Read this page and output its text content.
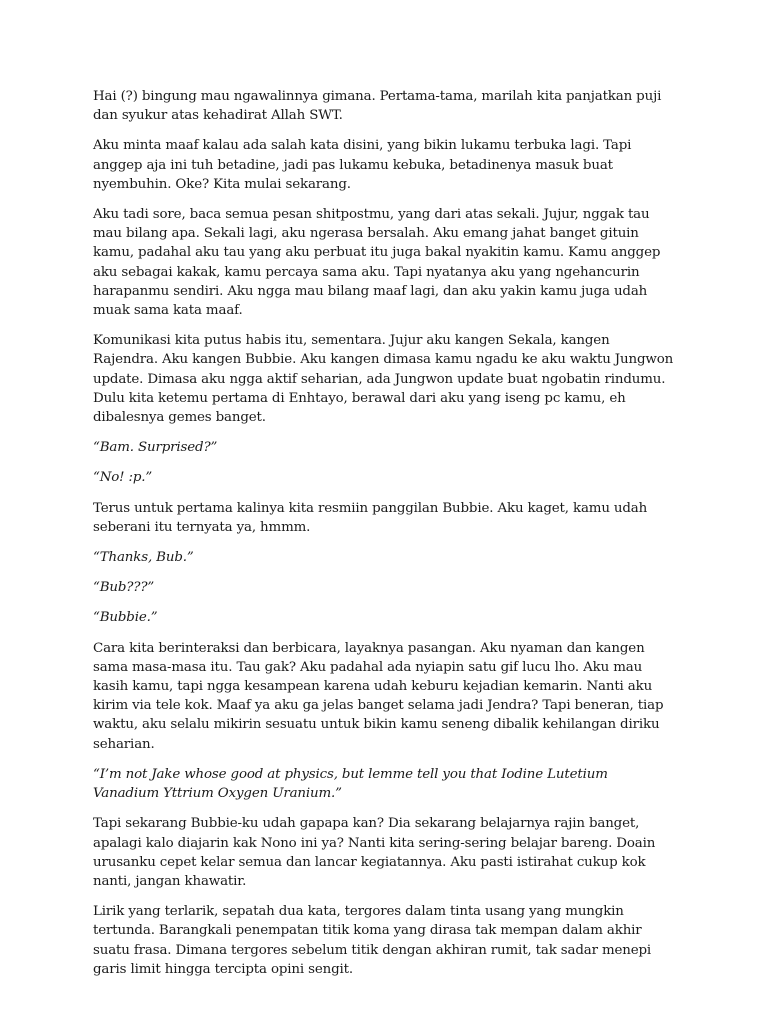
Hai (?) bingung mau ngawalinnya gimana. Pertama-tama, marilah kita panjatkan puji dan syukur atas kehadirat Allah SWT.

Aku minta maaf kalau ada salah kata disini, yang bikin lukamu terbuka lagi. Tapi anggep aja ini tuh betadine, jadi pas lukamu kebuka, betadinenya masuk buat nyembuhin. Oke? Kita mulai sekarang.

Aku tadi sore, baca semua pesan shitpostmu, yang dari atas sekali. Jujur, nggak tau mau bilang apa. Sekali lagi, aku ngerasa bersalah. Aku emang jahat banget gituin kamu, padahal aku tau yang aku perbuat itu juga bakal nyakitin kamu. Kamu anggep aku sebagai kakak, kamu percaya sama aku. Tapi nyatanya aku yang ngehancurin harapanmu sendiri. Aku ngga mau bilang maaf lagi, dan aku yakin kamu juga udah muak sama kata maaf.

Komunikasi kita putus habis itu, sementara. Jujur aku kangen Sekala, kangen Rajendra. Aku kangen Bubbie. Aku kangen dimasa kamu ngadu ke aku waktu Jungwon update. Dimasa aku ngga aktif seharian, ada Jungwon update buat ngobatin rindumu. Dulu kita ketemu pertama di Enhtayo, berawal dari aku yang iseng pc kamu, eh dibalesnya gemes banget.

“Bam. Surprised?”

“No! :p.”

Terus untuk pertama kalinya kita resmiin panggilan Bubbie. Aku kaget, kamu udah seberani itu ternyata ya, hmmm.

“Thanks, Bub.”

“Bub???”

“Bubbie.”

Cara kita berinteraksi dan berbicara, layaknya pasangan. Aku nyaman dan kangen sama masa-masa itu. Tau gak? Aku padahal ada nyiapin satu gif lucu lho. Aku mau kasih kamu, tapi ngga kesampean karena udah keburu kejadian kemarin. Nanti aku kirim via tele kok. Maaf ya aku ga jelas banget selama jadi Jendra? Tapi beneran, tiap waktu, aku selalu mikirin sesuatu untuk bikin kamu seneng dibalik kehilangan diriku seharian.

“I’m not Jake whose good at physics, but lemme tell you that Iodine Lutetium Vanadium Yttrium Oxygen Uranium.”

Tapi sekarang Bubbie-ku udah gapapa kan? Dia sekarang belajarnya rajin banget, apalagi kalo diajarin kak Nono ini ya? Nanti kita sering-sering belajar bareng. Doain urusanku cepet kelar semua dan lancar kegiatannya. Aku pasti istirahat cukup kok nanti, jangan khawatir.

Lirik yang terlarik, sepatah dua kata, tergores dalam tinta usang yang mungkin tertunda. Barangkali penempatan titik koma yang dirasa tak mempan dalam akhir suatu frasa. Dimana tergores sebelum titik dengan akhiran rumit, tak sadar menepi garis limit hingga tercipta opini sengit.
